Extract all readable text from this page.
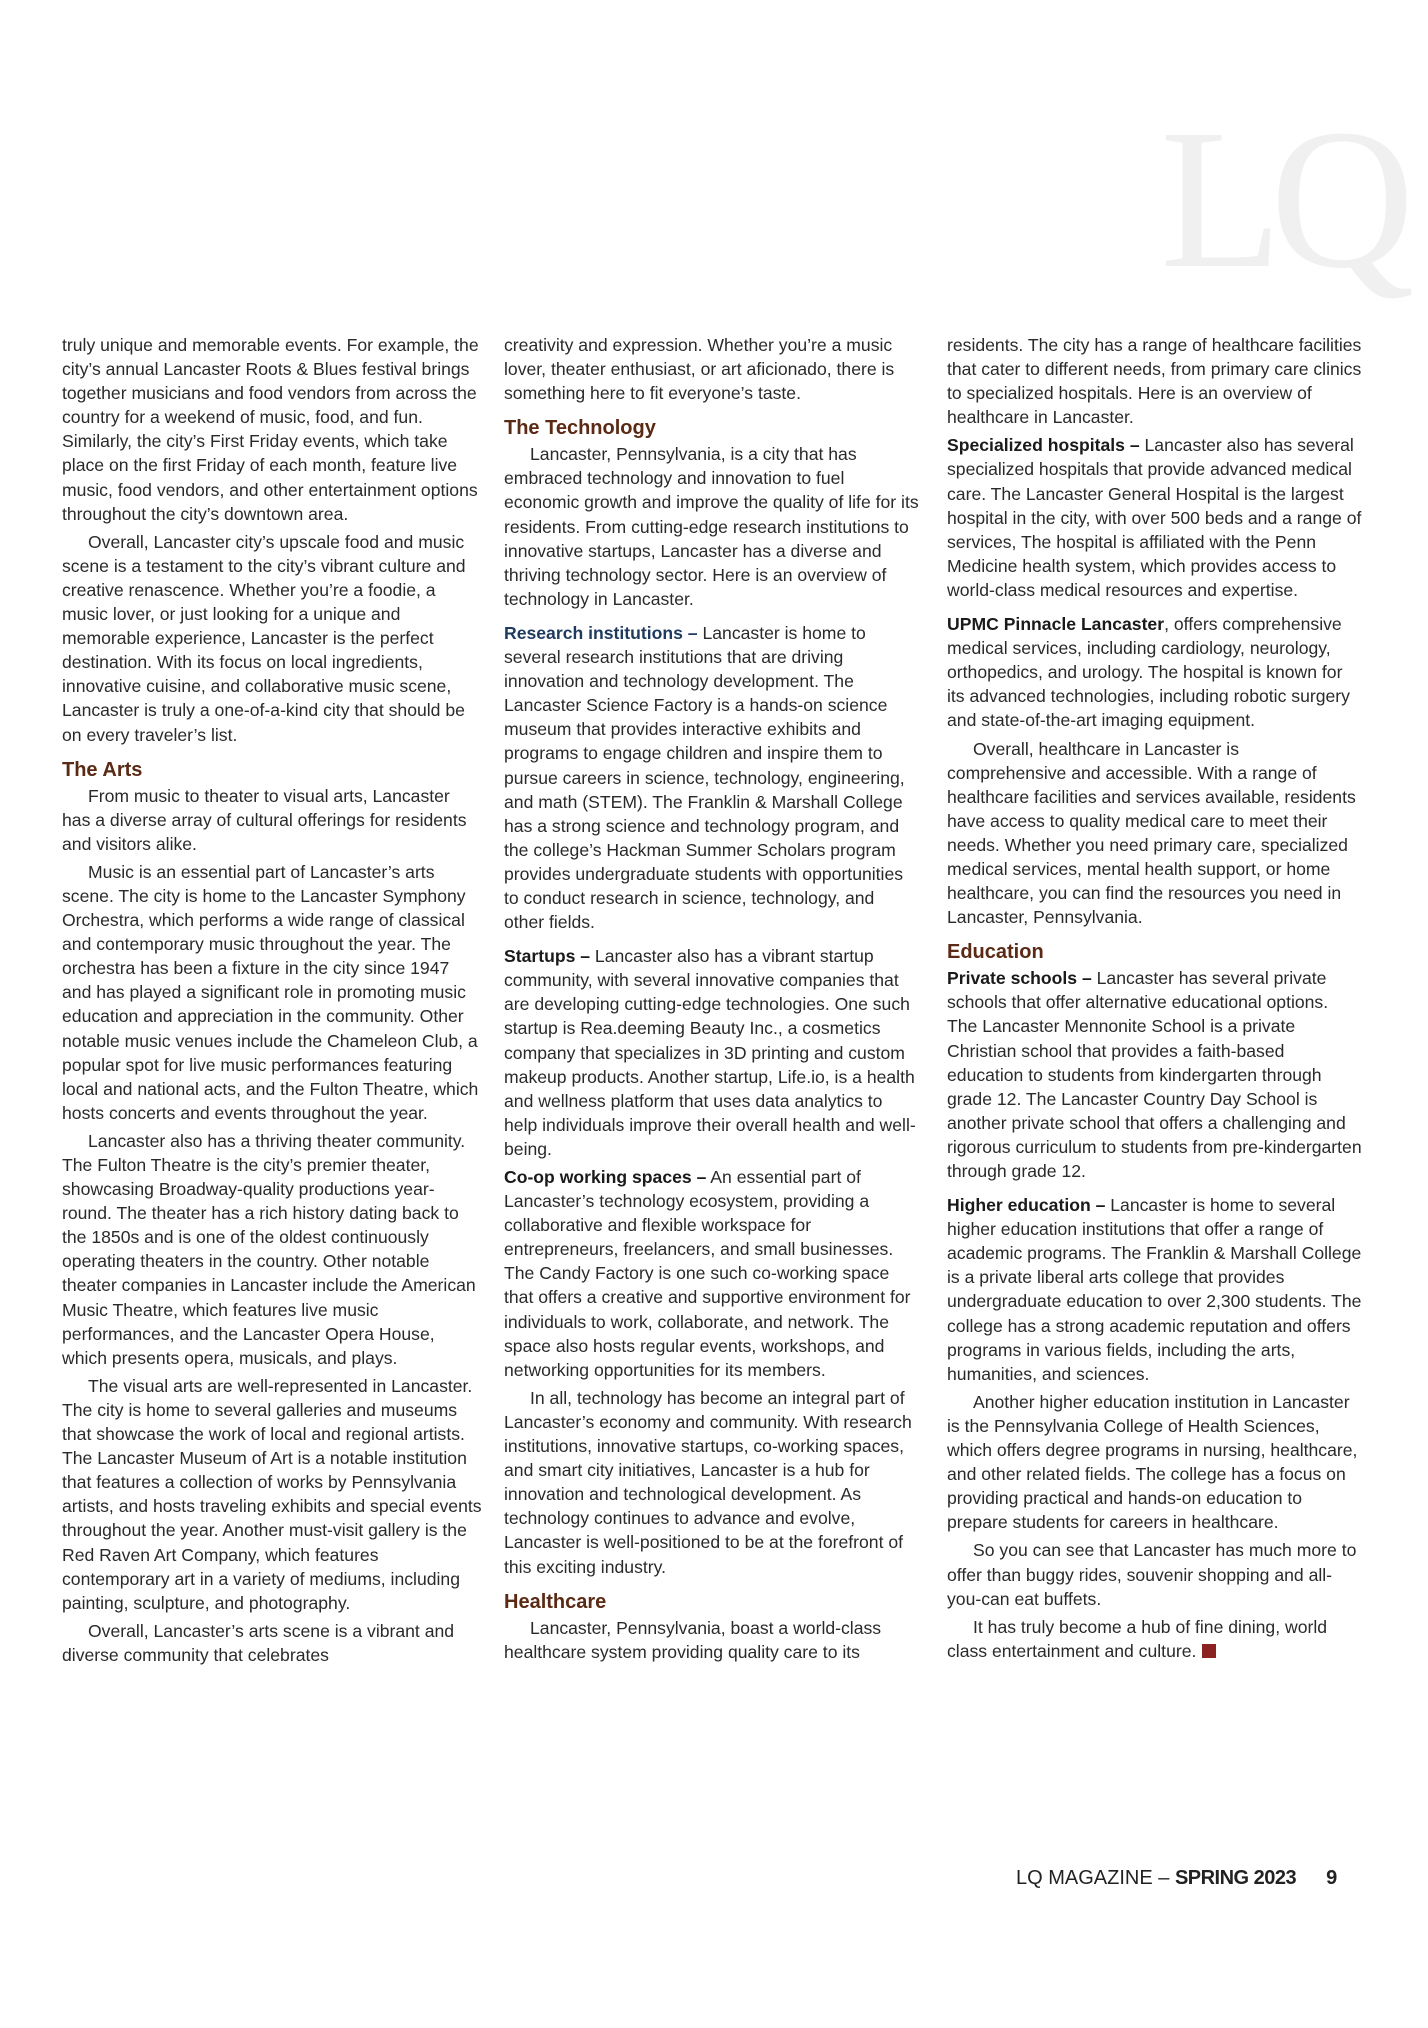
LQ

truly unique and memorable events. For example, the city’s annual Lancaster Roots & Blues festival brings together musicians and food vendors from across the country for a weekend of music, food, and fun. Similarly, the city’s First Friday events, which take place on the first Friday of each month, feature live music, food vendors, and other entertainment options throughout the city’s downtown area.

Overall, Lancaster city’s upscale food and music scene is a testament to the city’s vibrant culture and creative renascence. Whether you’re a foodie, a music lover, or just looking for a unique and memorable experience, Lancaster is the perfect destination. With its focus on local ingredients, innovative cuisine, and collaborative music scene, Lancaster is truly a one-of-a-kind city that should be on every traveler’s list.

The Arts

From music to theater to visual arts, Lancaster has a diverse array of cultural offerings for residents and visitors alike.

Music is an essential part of Lancaster’s arts scene. The city is home to the Lancaster Symphony Orchestra, which performs a wide range of classical and contemporary music throughout the year. The orchestra has been a fixture in the city since 1947 and has played a significant role in promoting music education and appreciation in the community. Other notable music venues include the Chameleon Club, a popular spot for live music performances featuring local and national acts, and the Fulton Theatre, which hosts concerts and events throughout the year.

Lancaster also has a thriving theater community. The Fulton Theatre is the city’s premier theater, showcasing Broadway-quality productions year-round. The theater has a rich history dating back to the 1850s and is one of the oldest continuously operating theaters in the country. Other notable theater companies in Lancaster include the American Music Theatre, which features live music performances, and the Lancaster Opera House, which presents opera, musicals, and plays.

The visual arts are well-represented in Lancaster. The city is home to several galleries and museums that showcase the work of local and regional artists. The Lancaster Museum of Art is a notable institution that features a collection of works by Pennsylvania artists, and hosts traveling exhibits and special events throughout the year. Another must-visit gallery is the Red Raven Art Company, which features contemporary art in a variety of mediums, including painting, sculpture, and photography.

Overall, Lancaster’s arts scene is a vibrant and diverse community that celebrates

creativity and expression. Whether you’re a music lover, theater enthusiast, or art aficionado, there is something here to fit everyone’s taste.

The Technology

Lancaster, Pennsylvania, is a city that has embraced technology and innovation to fuel economic growth and improve the quality of life for its residents. From cutting-edge research institutions to innovative startups, Lancaster has a diverse and thriving technology sector. Here is an overview of technology in Lancaster.

Research institutions – Lancaster is home to several research institutions that are driving innovation and technology development. The Lancaster Science Factory is a hands-on science museum that provides interactive exhibits and programs to engage children and inspire them to pursue careers in science, technology, engineering, and math (STEM). The Franklin & Marshall College has a strong science and technology program, and the college’s Hackman Summer Scholars program provides undergraduate students with opportunities to conduct research in science, technology, and other fields.

Startups – Lancaster also has a vibrant startup community, with several innovative companies that are developing cutting-edge technologies. One such startup is Rea.deeming Beauty Inc., a cosmetics company that specializes in 3D printing and custom makeup products. Another startup, Life.io, is a health and wellness platform that uses data analytics to help individuals improve their overall health and well-being.

Co-op working spaces – An essential part of Lancaster’s technology ecosystem, providing a collaborative and flexible workspace for entrepreneurs, freelancers, and small businesses. The Candy Factory is one such co-working space that offers a creative and supportive environment for individuals to work, collaborate, and network. The space also hosts regular events, workshops, and networking opportunities for its members.

In all, technology has become an integral part of Lancaster’s economy and community. With research institutions, innovative startups, co-working spaces, and smart city initiatives, Lancaster is a hub for innovation and technological development. As technology continues to advance and evolve, Lancaster is well-positioned to be at the forefront of this exciting industry.

Healthcare

Lancaster, Pennsylvania, boast a world-class healthcare system providing quality care to its

residents. The city has a range of healthcare facilities that cater to different needs, from primary care clinics to specialized hospitals. Here is an overview of healthcare in Lancaster.

Specialized hospitals – Lancaster also has several specialized hospitals that provide advanced medical care. The Lancaster General Hospital is the largest hospital in the city, with over 500 beds and a range of services, The hospital is affiliated with the Penn Medicine health system, which provides access to world-class medical resources and expertise.

UPMC Pinnacle Lancaster, offers comprehensive medical services, including cardiology, neurology, orthopedics, and urology. The hospital is known for its advanced technologies, including robotic surgery and state-of-the-art imaging equipment.

Overall, healthcare in Lancaster is comprehensive and accessible. With a range of healthcare facilities and services available, residents have access to quality medical care to meet their needs. Whether you need primary care, specialized medical services, mental health support, or home healthcare, you can find the resources you need in Lancaster, Pennsylvania.

Education

Private schools – Lancaster has several private schools that offer alternative educational options. The Lancaster Mennonite School is a private Christian school that provides a faith-based education to students from kindergarten through grade 12. The Lancaster Country Day School is another private school that offers a challenging and rigorous curriculum to students from pre-kindergarten through grade 12.

Higher education – Lancaster is home to several higher education institutions that offer a range of academic programs. The Franklin & Marshall College is a private liberal arts college that provides undergraduate education to over 2,300 students. The college has a strong academic reputation and offers programs in various fields, including the arts, humanities, and sciences.

Another higher education institution in Lancaster is the Pennsylvania College of Health Sciences, which offers degree programs in nursing, healthcare, and other related fields. The college has a focus on providing practical and hands-on education to prepare students for careers in healthcare.

So you can see that Lancaster has much more to offer than buggy rides, souvenir shopping and all-you-can eat buffets.

It has truly become a hub of fine dining, world class entertainment and culture.

LQ MAGAZINE – SPRING 2023 9
